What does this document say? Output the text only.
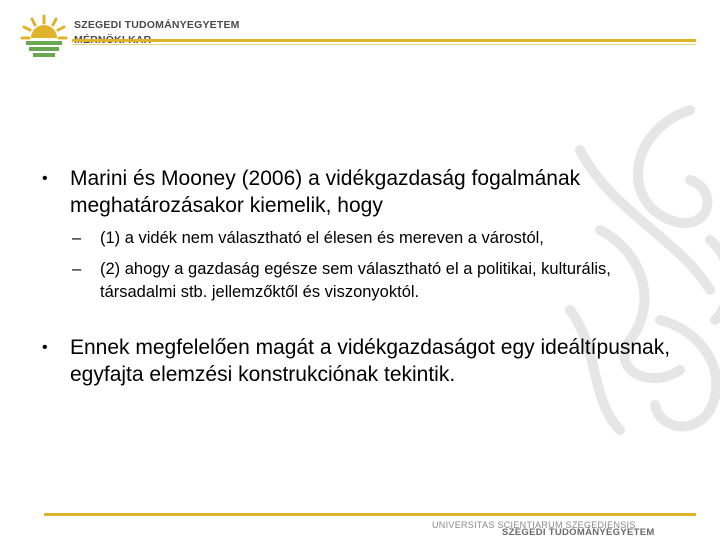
SZEGEDI TUDOMÁNYEGYETEM
•	Marini és Mooney (2006) a vidékgazdaság fogalmának meghatározásakor kiemelik, hogy
–	(1) a vidék nem választható el élesen és mereven a várostól,
–	(2) ahogy a gazdaság egésze sem választható el a politikai, kulturális, társadalmi stb. jellemzőktől és viszonyoktól.
•	Ennek megfelelően magát a vidékgazdaságot egy ideáltípusnak, egyfajta elemzési konstrukciónak tekintik.
UNIVERSITAS SCIENTIARUM SZEGEDIENSIS
SZEGEDI TUDOMÁNYEGYETEM
